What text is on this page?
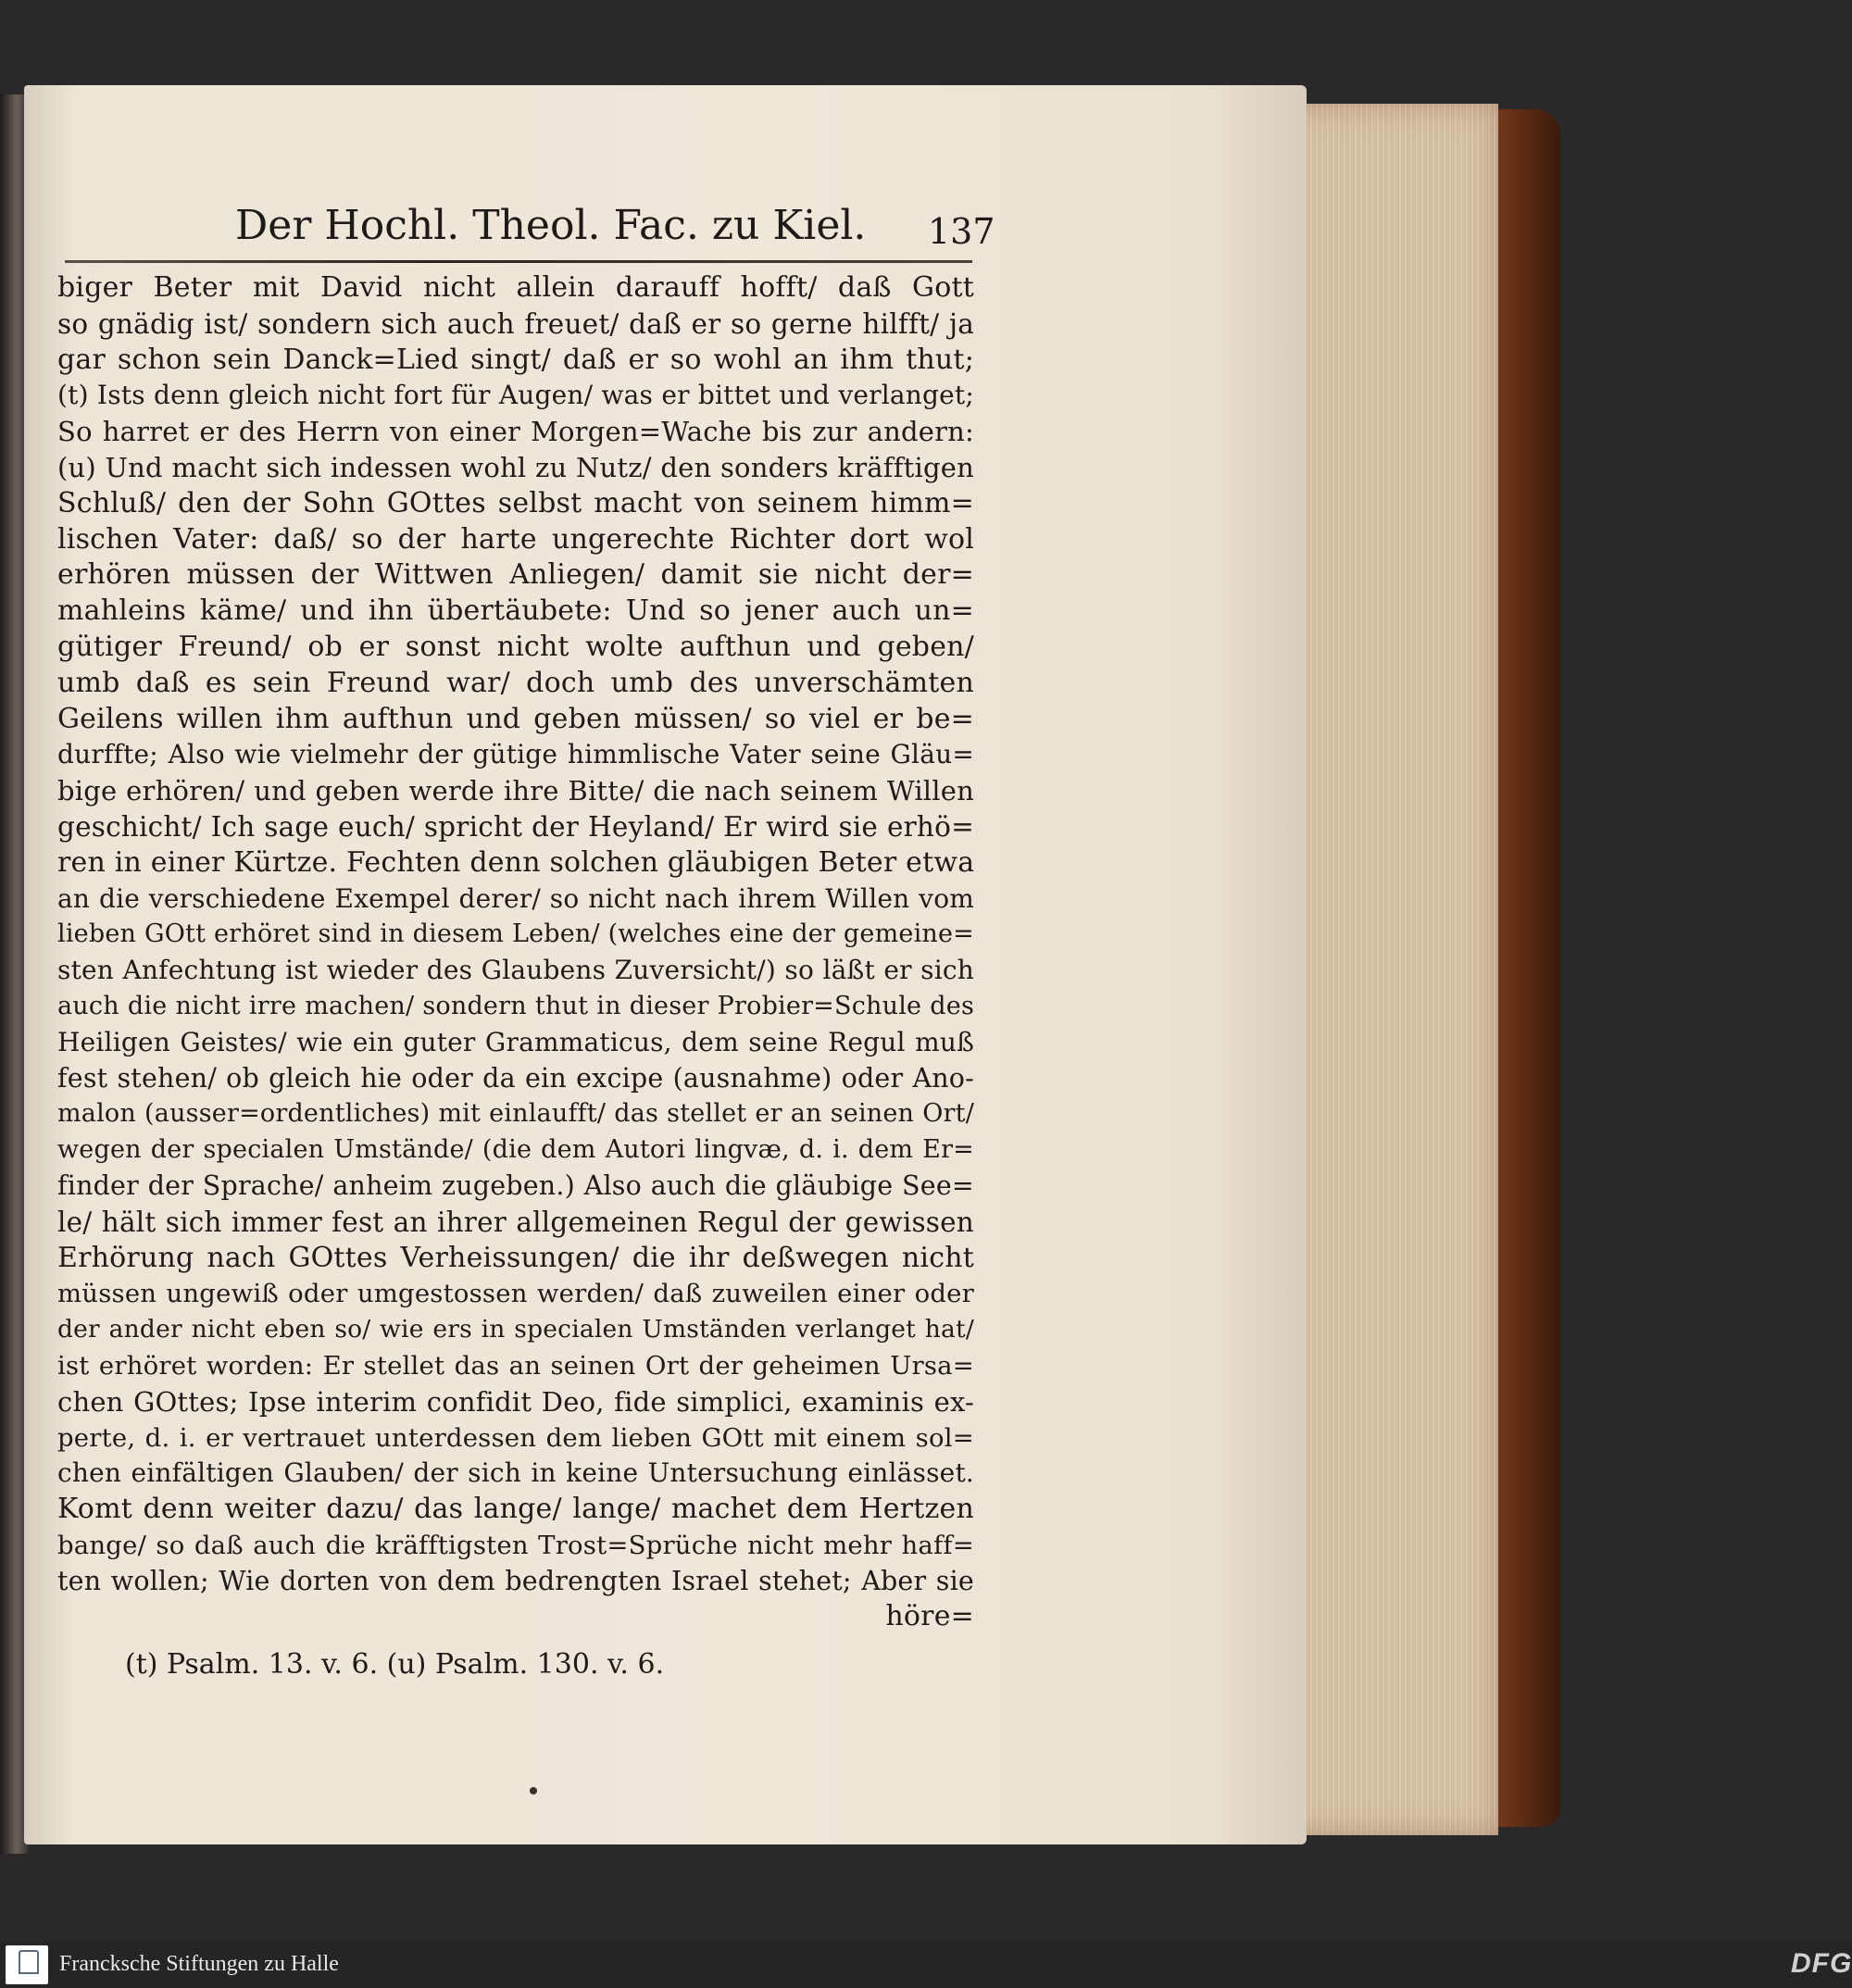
Der Hochl. Theol. Fac. zu Kiel. 137
biger Beter mit David nicht allein darauff hofft/ daß Gott
so gnädig ist/ sondern sich auch freuet/ daß er so gerne hilfft/ ja
gar schon sein Danck=Lied singt/ daß er so wohl an ihm thut;
(t) Ists denn gleich nicht fort für Augen/ was er bittet und verlanget;
So harret er des Herrn von einer Morgen=Wache bis zur andern:
(u) Und macht sich indessen wohl zu Nutz/ den sonders kräfftigen
Schluß/ den der Sohn GOttes selbst macht von seinem himm=
lischen Vater: daß/ so der harte ungerechte Richter dort wol
erhören müssen der Wittwen Anliegen/ damit sie nicht der=
mahleins käme/ und ihn übertäubete: Und so jener auch un=
gütiger Freund/ ob er sonst nicht wolte aufthun und geben/
umb daß es sein Freund war/ doch umb des unverschämten
Geilens willen ihm aufthun und geben müssen/ so viel er be=
durffte; Also wie vielmehr der gütige himmlische Vater seine Gläu=
bige erhören/ und geben werde ihre Bitte/ die nach seinem Willen
geschicht/ Ich sage euch/ spricht der Heyland/ Er wird sie erhö=
ren in einer Kürtze. Fechten denn solchen gläubigen Beter etwa
an die verschiedene Exempel derer/ so nicht nach ihrem Willen vom
lieben GOtt erhöret sind in diesem Leben/ (welches eine der gemeine=
sten Anfechtung ist wieder des Glaubens Zuversicht/) so läßt er sich
auch die nicht irre machen/ sondern thut in dieser Probier=Schule des
Heiligen Geistes/ wie ein guter Grammaticus, dem seine Regul muß
fest stehen/ ob gleich hie oder da ein excipe (ausnahme) oder Ano-
malon (ausser=ordentliches) mit einlaufft/ das stellet er an seinen Ort/
wegen der specialen Umstände/ (die dem Autori lingvæ, d. i. dem Er=
finder der Sprache/ anheim zugeben.) Also auch die gläubige See=
le/ hält sich immer fest an ihrer allgemeinen Regul der gewissen
Erhörung nach GOttes Verheissungen/ die ihr deßwegen nicht
müssen ungewiß oder umgestossen werden/ daß zuweilen einer oder
der ander nicht eben so/ wie ers in specialen Umständen verlanget hat/
ist erhöret worden: Er stellet das an seinen Ort der geheimen Ursa=
chen GOttes; Ipse interim confidit Deo, fide simplici, examinis ex-
perte, d. i. er vertrauet unterdessen dem lieben GOtt mit einem sol=
chen einfältigen Glauben/ der sich in keine Untersuchung einlässet.
Komt denn weiter dazu/ das lange/ lange/ machet dem Hertzen
bange/ so daß auch die kräfftigsten Trost=Sprüche nicht mehr haff=
ten wollen; Wie dorten von dem bedrengten Israel stehet; Aber sie
höre=
(t) Psalm. 13. v. 6. (u) Psalm. 130. v. 6.
Francksche Stiftungen zu Halle	DFG
